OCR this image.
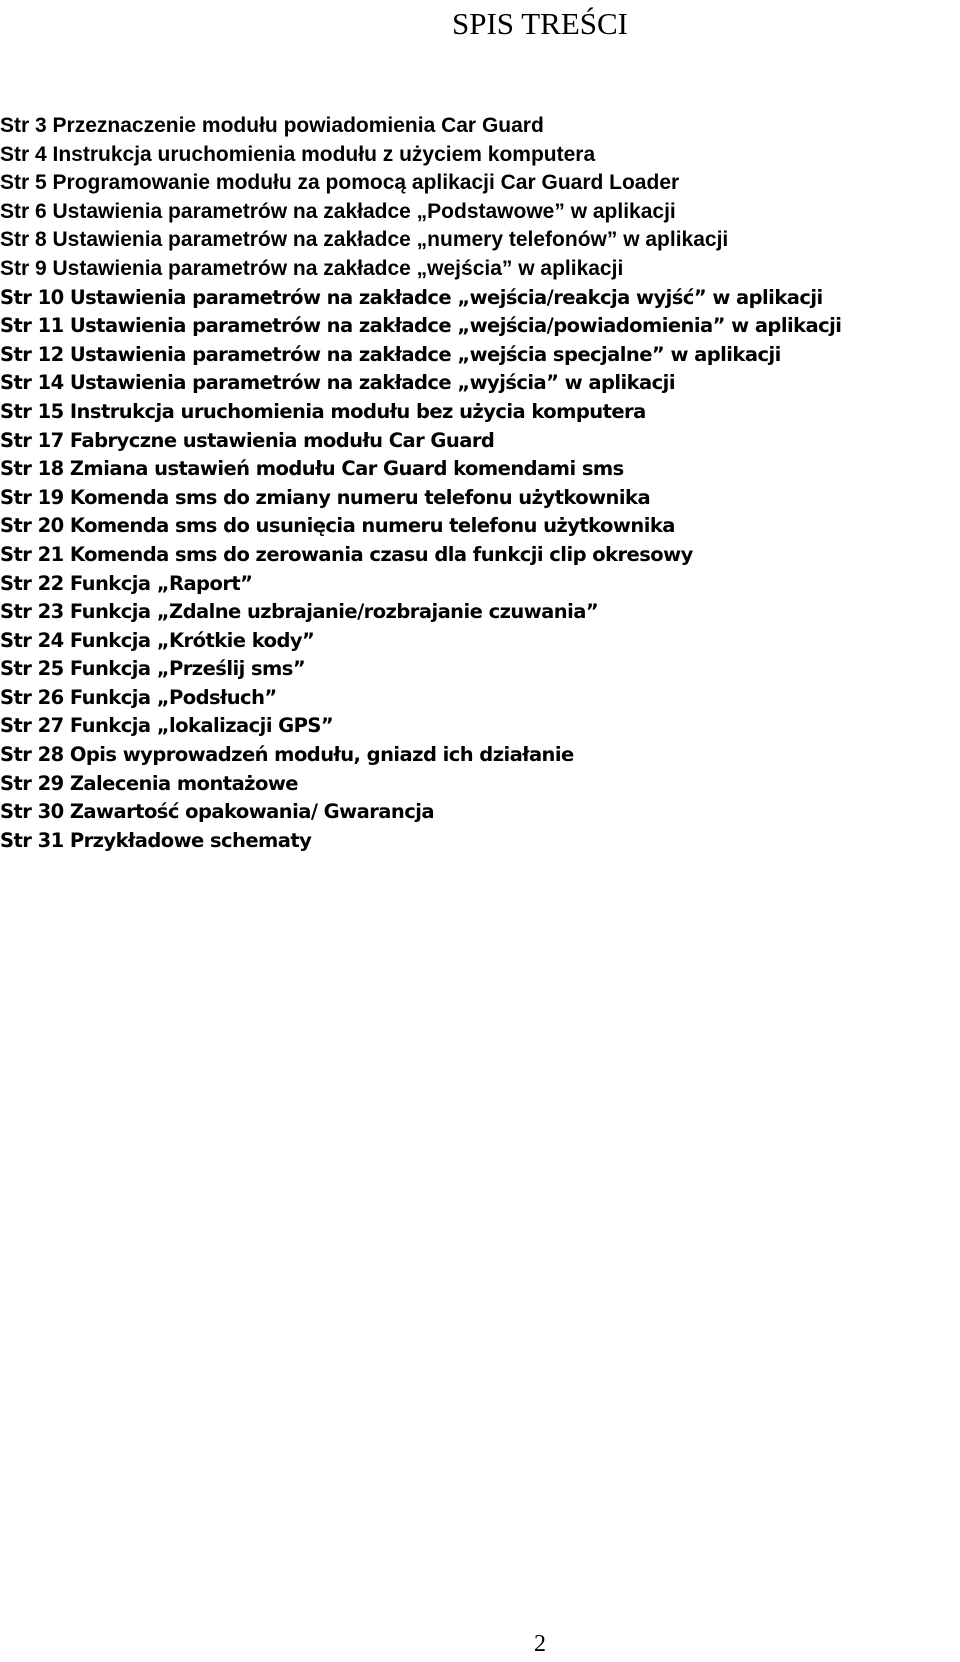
SPIS TREŚCI
Str 3 Przeznaczenie modułu powiadomienia Car Guard
Str 4 Instrukcja uruchomienia modułu z użyciem komputera
Str 5 Programowanie modułu za pomocą aplikacji Car Guard Loader
Str 6 Ustawienia parametrów na zakładce „Podstawowe” w aplikacji
Str 8 Ustawienia parametrów na zakładce „numery telefonów” w aplikacji
Str 9 Ustawienia parametrów na zakładce „wejścia” w aplikacji
Str 10 Ustawienia parametrów na zakładce „wejścia/reakcja wyjść” w aplikacji
Str 11 Ustawienia parametrów na zakładce „wejścia/powiadomienia” w aplikacji
Str 12 Ustawienia parametrów na zakładce „wejścia specjalne” w aplikacji
Str 14 Ustawienia parametrów na zakładce „wyjścia” w aplikacji
Str 15 Instrukcja uruchomienia modułu bez użycia komputera
Str 17 Fabryczne ustawienia modułu Car Guard
Str 18 Zmiana ustawień modułu Car Guard komendami sms
Str 19 Komenda sms do zmiany numeru telefonu użytkownika
Str 20 Komenda sms do usunięcia numeru telefonu użytkownika
Str 21 Komenda sms do zerowania czasu dla funkcji clip okresowy
Str 22 Funkcja „Raport”
Str 23 Funkcja „Zdalne uzbrajanie/rozbrajanie czuwania”
Str 24 Funkcja „Krótkie kody”
Str 25 Funkcja „Prześlij sms”
Str 26 Funkcja „Podsłuch”
Str 27 Funkcja „lokalizacji GPS”
Str 28 Opis wyprowadzeń modułu, gniazd ich działanie
Str 29 Zalecenia montażowe
Str 30 Zawartość opakowania/ Gwarancja
Str 31 Przykładowe schematy
2
